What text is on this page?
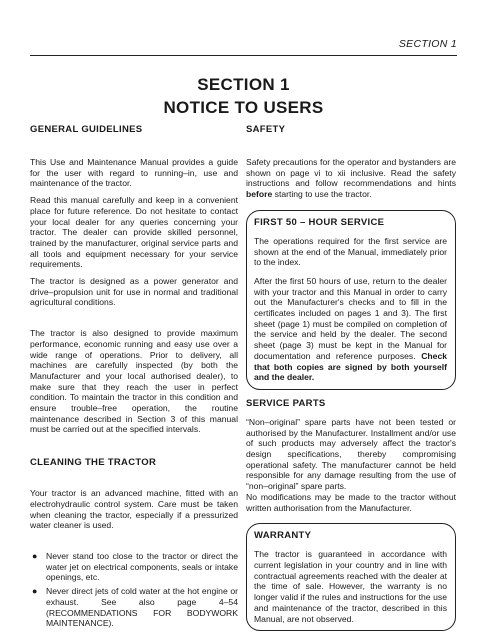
SECTION 1
SECTION 1
NOTICE TO USERS
GENERAL GUIDELINES

This Use and Maintenance Manual provides a guide for the user with regard to running–in, use and maintenance of the tractor.

Read this manual carefully and keep in a convenient place for future reference. Do not hesitate to contact your local dealer for any queries concerning your tractor. The dealer can provide skilled personnel, trained by the manufacturer, original service parts and all tools and equipment necessary for your service requirements.

The tractor is designed as a power generator and drive–propulsion unit for use in normal and traditional agricultural conditions.

The tractor is also designed to provide maximum performance, economic running and easy use over a wide range of operations. Prior to delivery, all machines are carefully inspected (by both the Manufacturer and your local authorised dealer), to make sure that they reach the user in perfect condition. To maintain the tractor in this condition and ensure trouble–free operation, the routine maintenance described in Section 3 of this manual must be carried out at the specified intervals.

CLEANING THE TRACTOR

Your tractor is an advanced machine, fitted with an electrohydraulic control system. Care must be taken when cleaning the tractor, especially if a pressurized water cleaner is used.

● Never stand too close to the tractor or direct the water jet on electrical components, seals or intake openings, etc.
● Never direct jets of cold water at the hot engine or exhaust. See also page 4–54 (RECOMMENDATIONS FOR BODYWORK MAINTENANCE).
SAFETY

Safety precautions for the operator and bystanders are shown on page vi to xii inclusive. Read the safety instructions and follow recommendations and hints before starting to use the tractor.

FIRST 50 – HOUR SERVICE

The operations required for the first service are shown at the end of the Manual, immediately prior to the index.

After the first 50 hours of use, return to the dealer with your tractor and this Manual in order to carry out the Manufacturer's checks and to fill in the certificates included on pages 1 and 3). The first sheet (page 1) must be compiled on completion of the service and held by the dealer. The second sheet (page 3) must be kept in the Manual for documentation and reference purposes. Check that both copies are signed by both yourself and the dealer.

SERVICE PARTS

“Non–original” spare parts have not been tested or authorised by the Manufacturer. Installment and/or use of such products may adversely affect the tractor's design specifications, thereby compromising operational safety. The manufacturer cannot be held responsible for any damage resulting from the use of “non–original” spare parts.

No modifications may be made to the tractor without written authorisation from the Manufacturer.

WARRANTY

The tractor is guaranteed in accordance with current legislation in your country and in line with contractual agreements reached with the dealer at the time of sale. However, the warranty is no longer valid if the rules and instructions for the use and maintenance of the tractor, described in this Manual, are not observed.
